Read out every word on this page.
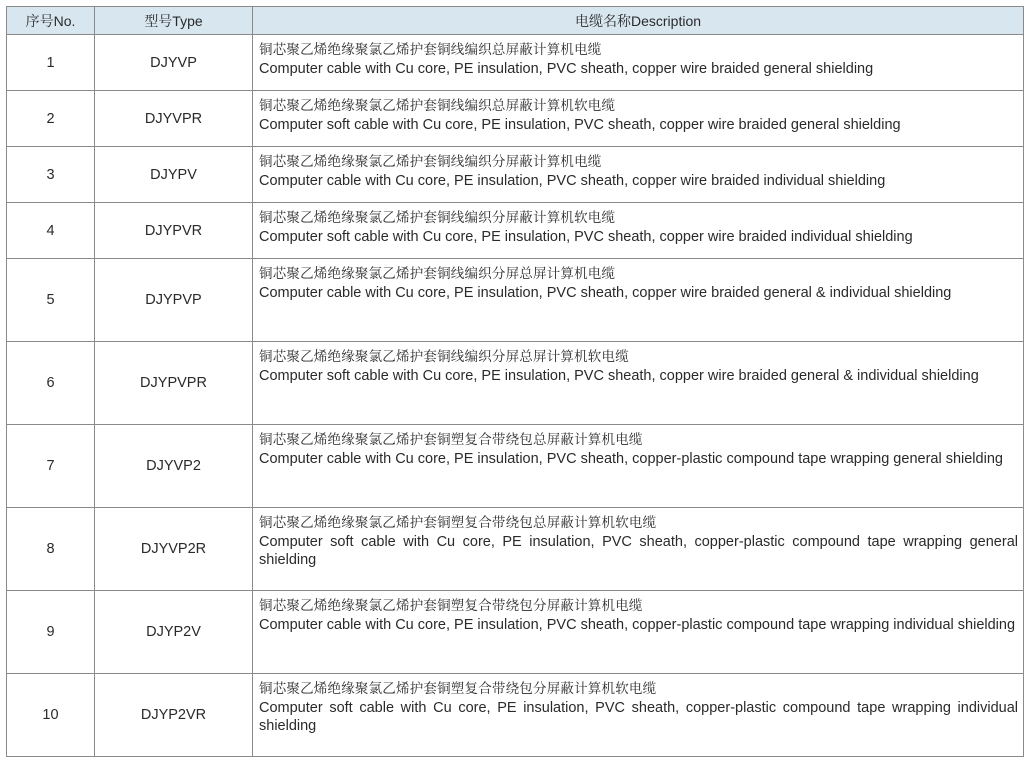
序号No.	型号Type	电缆名称Description
1	DJYVP	铜芯聚乙烯绝缘聚氯乙烯护套铜线编织总屏蔽计算机电缆
Computer cable with Cu core, PE insulation, PVC sheath, copper wire braided general shielding

2	DJYVPR	铜芯聚乙烯绝缘聚氯乙烯护套铜线编织总屏蔽计算机软电缆
Computer soft cable with Cu core, PE insulation, PVC sheath, copper wire braided general shielding

3	DJYPV	铜芯聚乙烯绝缘聚氯乙烯护套铜线编织分屏蔽计算机电缆
Computer cable with Cu core, PE insulation, PVC sheath, copper wire braided individual shielding

4	DJYPVR	铜芯聚乙烯绝缘聚氯乙烯护套铜线编织分屏蔽计算机软电缆
Computer soft cable with Cu core, PE insulation, PVC sheath, copper wire braided individual shielding

5	DJYPVP	铜芯聚乙烯绝缘聚氯乙烯护套铜线编织分屏总屏计算机电缆
Computer cable with Cu core, PE insulation, PVC sheath, copper wire braided general & individual shielding

6	DJYPVPR	铜芯聚乙烯绝缘聚氯乙烯护套铜线编织分屏总屏计算机软电缆
Computer soft cable with Cu core, PE insulation, PVC sheath, copper wire braided general & individual shielding

7	DJYVP2	铜芯聚乙烯绝缘聚氯乙烯护套铜塑复合带绕包总屏蔽计算机电缆
Computer cable with Cu core, PE insulation, PVC sheath, copper-plastic compound tape wrapping general shielding

8	DJYVP2R	铜芯聚乙烯绝缘聚氯乙烯护套铜塑复合带绕包总屏蔽计算机软电缆
Computer soft cable with Cu core, PE insulation, PVC sheath, copper-plastic compound tape wrapping general shielding

9	DJYP2V	铜芯聚乙烯绝缘聚氯乙烯护套铜塑复合带绕包分屏蔽计算机电缆
Computer cable with Cu core, PE insulation, PVC sheath, copper-plastic compound tape wrapping individual shielding

10	DJYP2VR	铜芯聚乙烯绝缘聚氯乙烯护套铜塑复合带绕包分屏蔽计算机软电缆
Computer soft cable with Cu core, PE insulation, PVC sheath, copper-plastic compound tape wrapping individual shielding
